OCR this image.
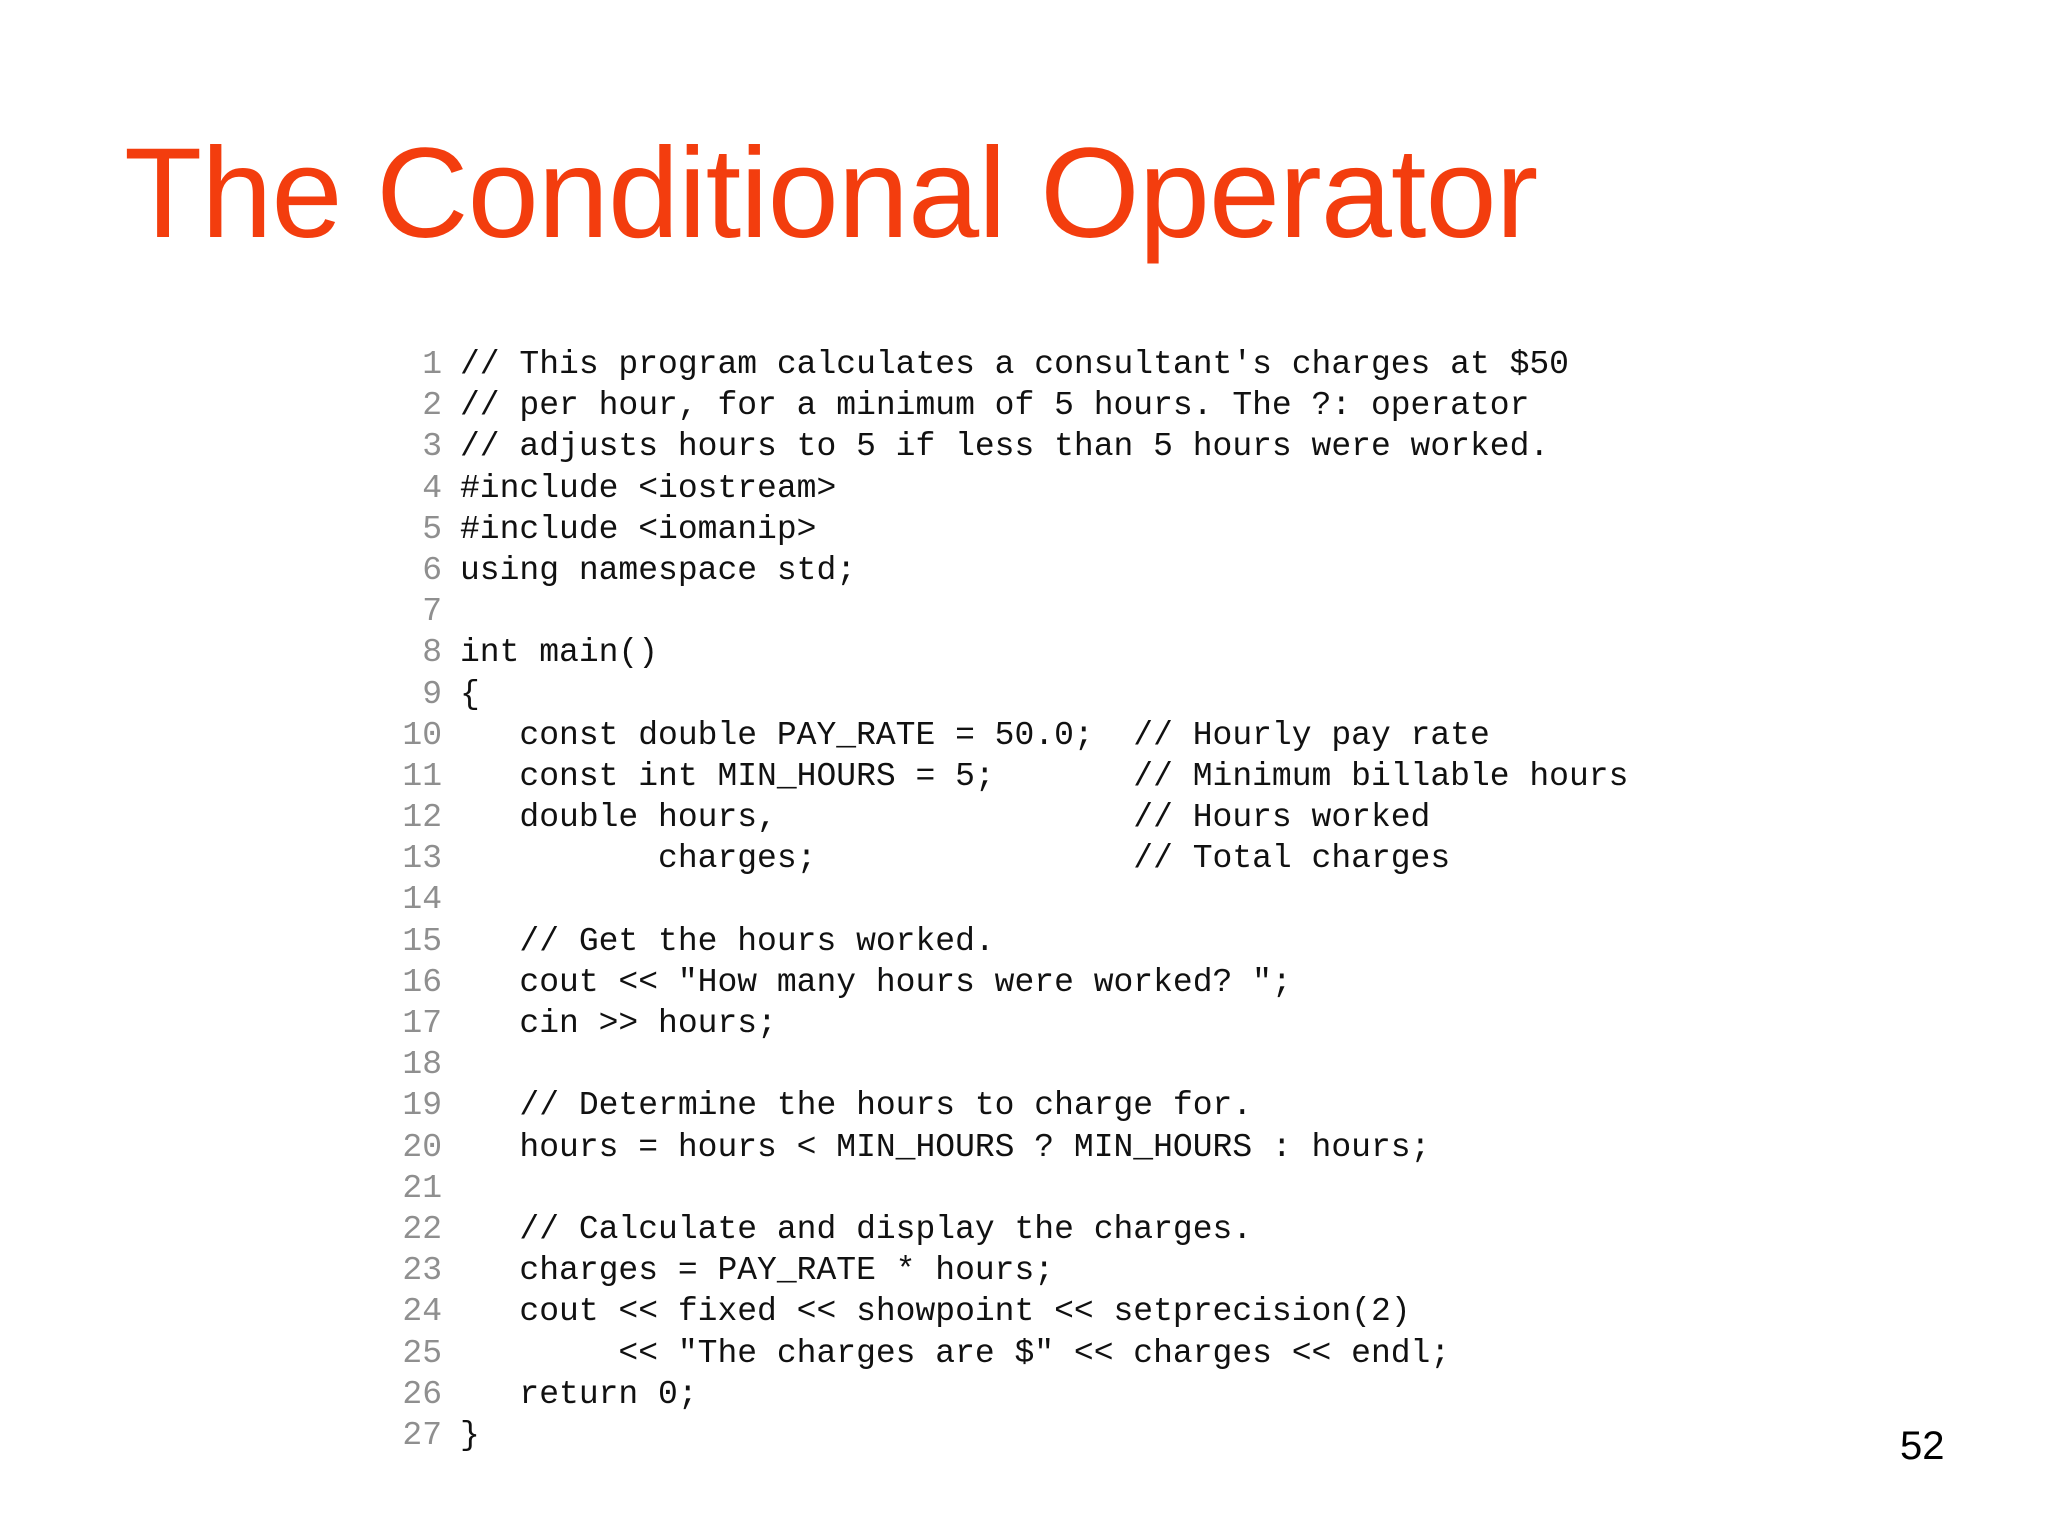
The Conditional Operator
1 // This program calculates a consultant's charges at $50
2 // per hour, for a minimum of 5 hours. The ?: operator
3 // adjusts hours to 5 if less than 5 hours were worked.
4 #include <iostream>
5 #include <iomanip>
6 using namespace std;
7
8 int main()
9 {
10   const double PAY_RATE = 50.0;  // Hourly pay rate
11   const int MIN_HOURS = 5;       // Minimum billable hours
12   double hours,                  // Hours worked
13          charges;                // Total charges
14
15   // Get the hours worked.
16   cout << "How many hours were worked? ";
17   cin >> hours;
18
19   // Determine the hours to charge for.
20   hours = hours < MIN_HOURS ? MIN_HOURS : hours;
21
22   // Calculate and display the charges.
23   charges = PAY_RATE * hours;
24   cout << fixed << showpoint << setprecision(2)
25        << "The charges are $" << charges << endl;
26   return 0;
27 }	52
